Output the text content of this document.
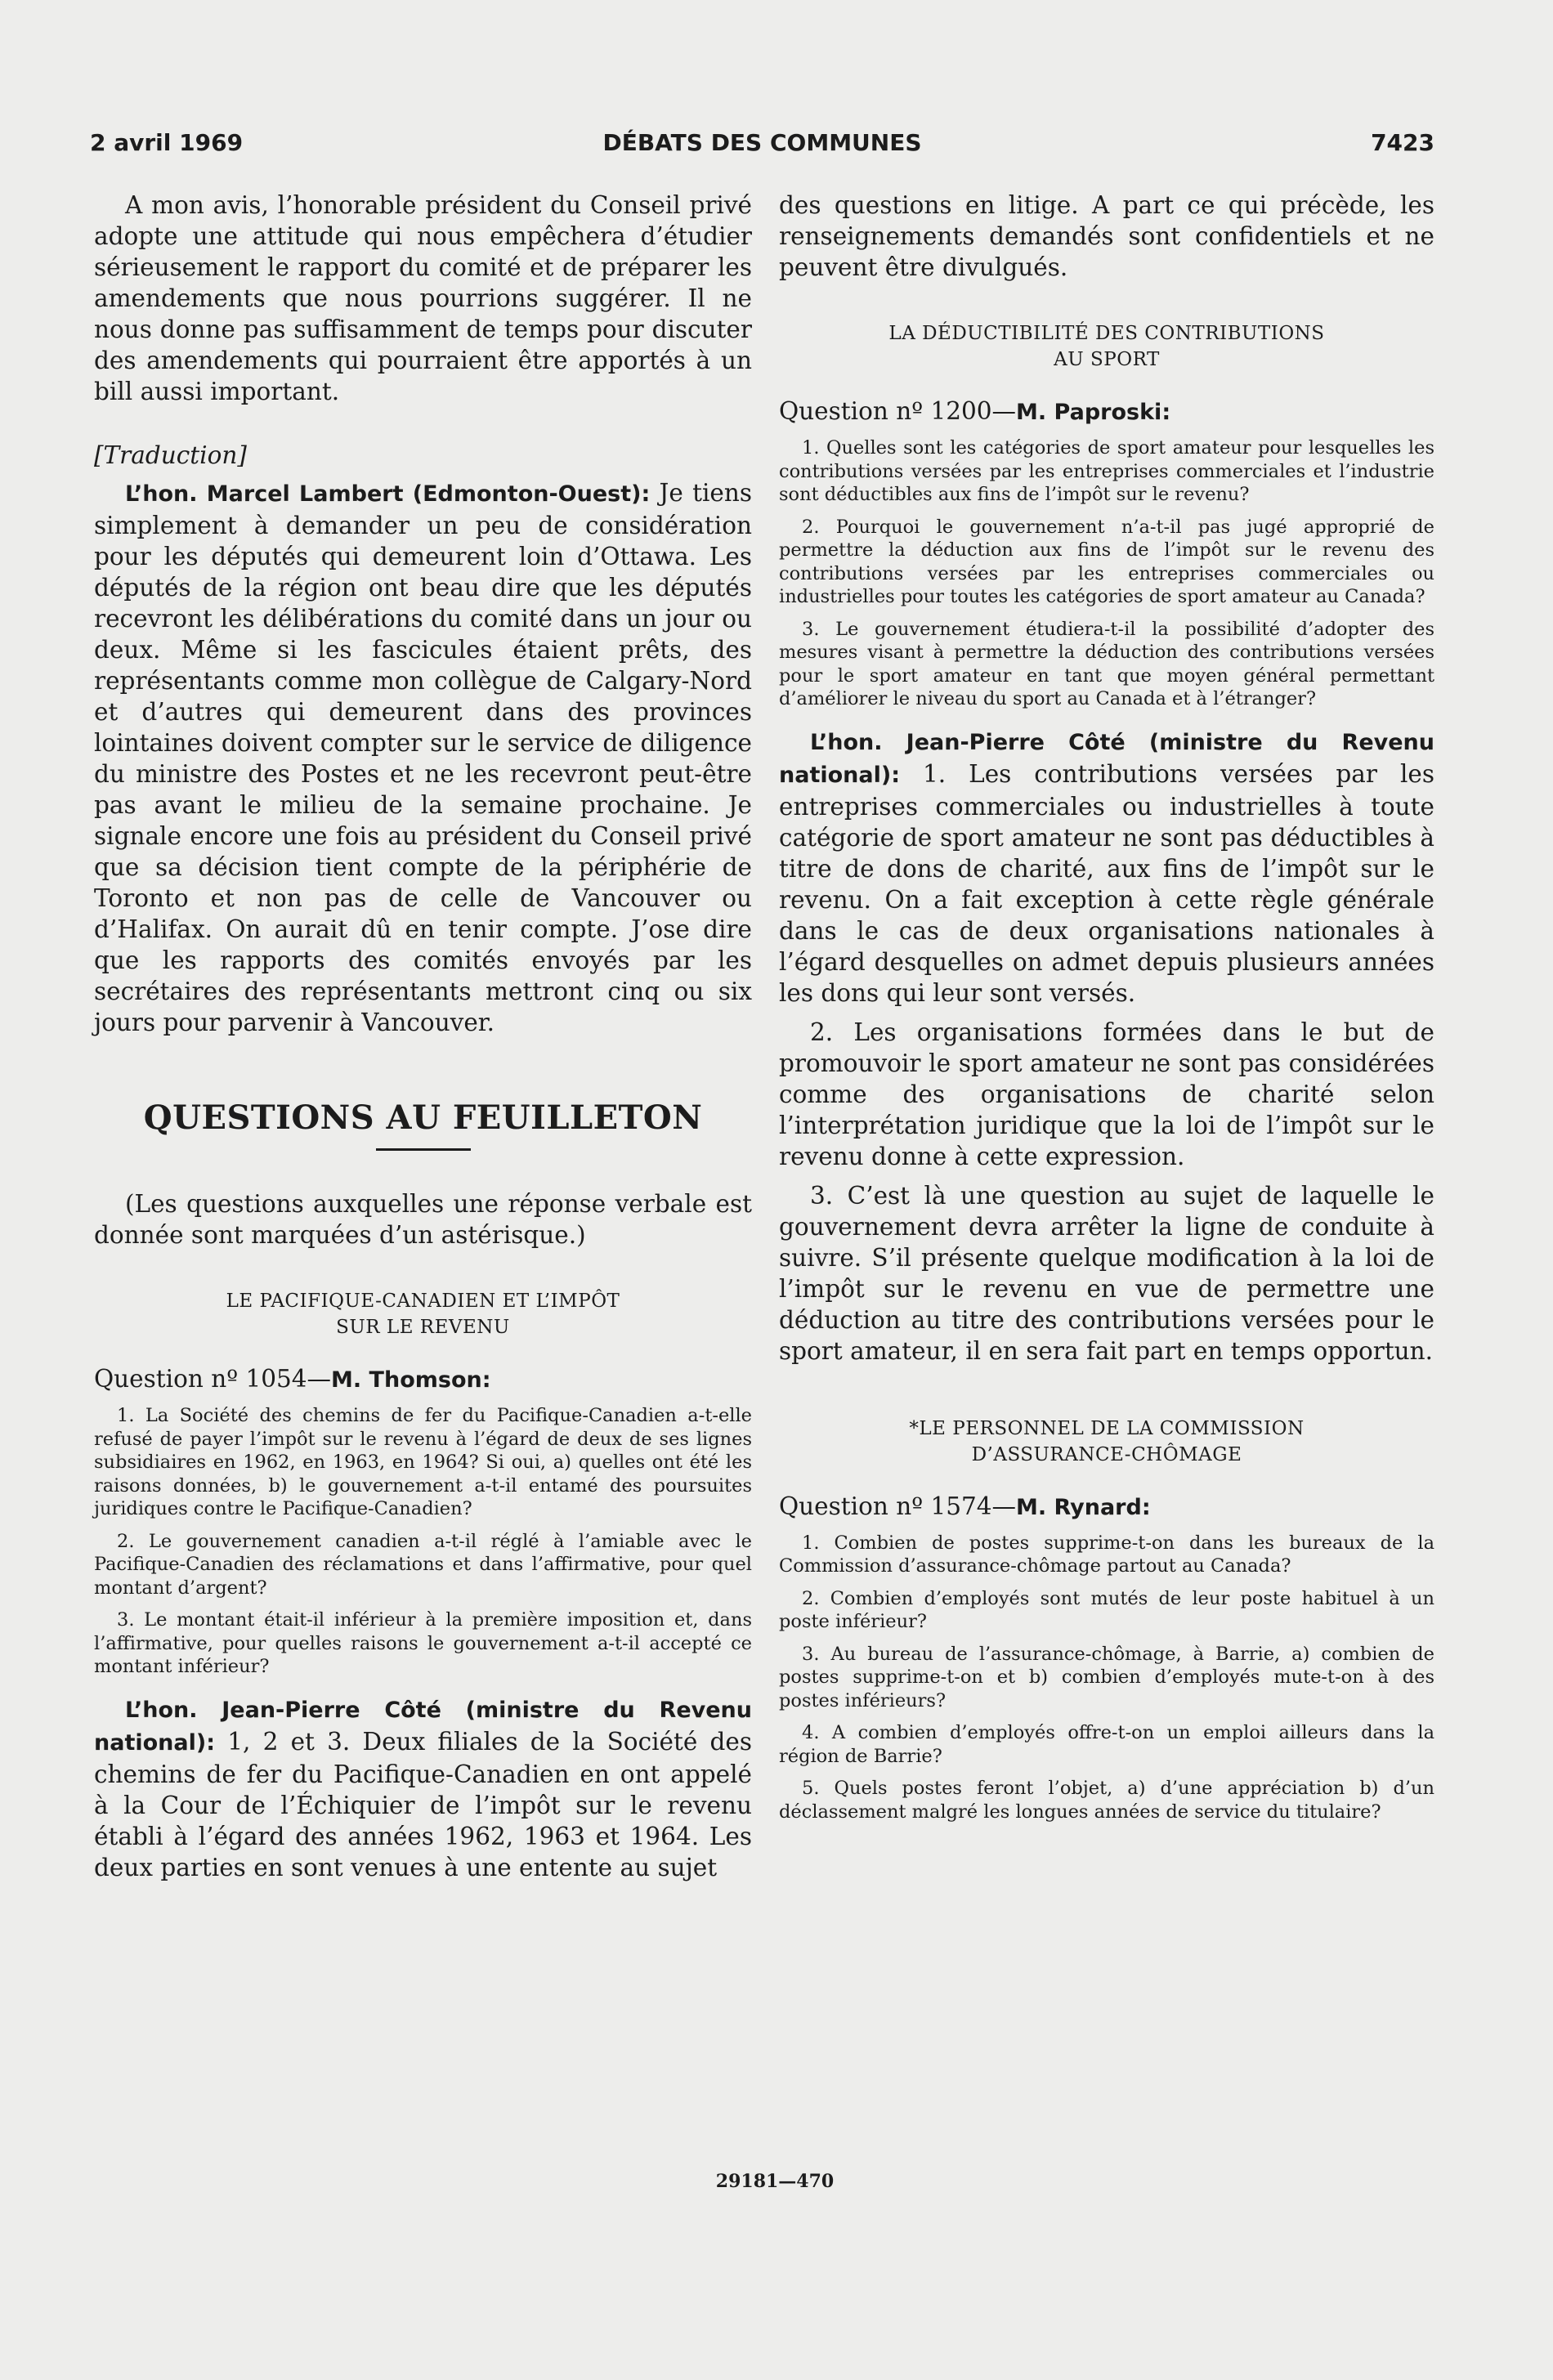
2 avril 1969	DÉBATS DES COMMUNES	7423

A mon avis, l’honorable président du Conseil privé adopte une attitude qui nous empêchera d’étudier sérieusement le rapport du comité et de préparer les amendements que nous pourrions suggérer. Il ne nous donne pas suffisamment de temps pour discuter des amendements qui pourraient être apportés à un bill aussi important.

[Traduction]

L’hon. Marcel Lambert (Edmonton-Ouest): Je tiens simplement à demander un peu de considération pour les députés qui demeurent loin d’Ottawa. Les députés de la région ont beau dire que les députés recevront les délibérations du comité dans un jour ou deux. Même si les fascicules étaient prêts, des représentants comme mon collègue de Calgary-Nord et d’autres qui demeurent dans des provinces lointaines doivent compter sur le service de diligence du ministre des Postes et ne les recevront peut-être pas avant le milieu de la semaine prochaine. Je signale encore une fois au président du Conseil privé que sa décision tient compte de la périphérie de Toronto et non pas de celle de Vancouver ou d’Halifax. On aurait dû en tenir compte. J’ose dire que les rapports des comités envoyés par les secrétaires des représentants mettront cinq ou six jours pour parvenir à Vancouver.

QUESTIONS AU FEUILLETON

(Les questions auxquelles une réponse verbale est donnée sont marquées d’un astérisque.)

LE PACIFIQUE-CANADIEN ET L’IMPÔT
SUR LE REVENU

Question nº 1054—M. Thomson:

1. La Société des chemins de fer du Pacifique-Canadien a-t-elle refusé de payer l’impôt sur le revenu à l’égard de deux de ses lignes subsidiaires en 1962, en 1963, en 1964? Si oui, a) quelles ont été les raisons données, b) le gouvernement a-t-il entamé des poursuites juridiques contre le Pacifique-Canadien?

2. Le gouvernement canadien a-t-il réglé à l’amiable avec le Pacifique-Canadien des réclamations et dans l’affirmative, pour quel montant d’argent?

3. Le montant était-il inférieur à la première imposition et, dans l’affirmative, pour quelles raisons le gouvernement a-t-il accepté ce montant inférieur?

L’hon. Jean-Pierre Côté (ministre du Revenu national): 1, 2 et 3. Deux filiales de la Société des chemins de fer du Pacifique-Canadien en ont appelé à la Cour de l’Échiquier de l’impôt sur le revenu établi à l’égard des années 1962, 1963 et 1964. Les deux parties en sont venues à une entente au sujet

des questions en litige. A part ce qui précède, les renseignements demandés sont confidentiels et ne peuvent être divulgués.

LA DÉDUCTIBILITÉ DES CONTRIBUTIONS
AU SPORT

Question nº 1200—M. Paproski:

1. Quelles sont les catégories de sport amateur pour lesquelles les contributions versées par les entreprises commerciales et l’industrie sont déductibles aux fins de l’impôt sur le revenu?

2. Pourquoi le gouvernement n’a-t-il pas jugé approprié de permettre la déduction aux fins de l’impôt sur le revenu des contributions versées par les entreprises commerciales ou industrielles pour toutes les catégories de sport amateur au Canada?

3. Le gouvernement étudiera-t-il la possibilité d’adopter des mesures visant à permettre la déduction des contributions versées pour le sport amateur en tant que moyen général permettant d’améliorer le niveau du sport au Canada et à l’étranger?

L’hon. Jean-Pierre Côté (ministre du Revenu national): 1. Les contributions versées par les entreprises commerciales ou industrielles à toute catégorie de sport amateur ne sont pas déductibles à titre de dons de charité, aux fins de l’impôt sur le revenu. On a fait exception à cette règle générale dans le cas de deux organisations nationales à l’égard desquelles on admet depuis plusieurs années les dons qui leur sont versés.

2. Les organisations formées dans le but de promouvoir le sport amateur ne sont pas considérées comme des organisations de charité selon l’interprétation juridique que la loi de l’impôt sur le revenu donne à cette expression.

3. C’est là une question au sujet de laquelle le gouvernement devra arrêter la ligne de conduite à suivre. S’il présente quelque modification à la loi de l’impôt sur le revenu en vue de permettre une déduction au titre des contributions versées pour le sport amateur, il en sera fait part en temps opportun.

*LE PERSONNEL DE LA COMMISSION
D’ASSURANCE-CHÔMAGE

Question nº 1574—M. Rynard:

1. Combien de postes supprime-t-on dans les bureaux de la Commission d’assurance-chômage partout au Canada?

2. Combien d’employés sont mutés de leur poste habituel à un poste inférieur?

3. Au bureau de l’assurance-chômage, à Barrie, a) combien de postes supprime-t-on et b) combien d’employés mute-t-on à des postes inférieurs?

4. A combien d’employés offre-t-on un emploi ailleurs dans la région de Barrie?

5. Quels postes feront l’objet, a) d’une appréciation b) d’un déclassement malgré les longues années de service du titulaire?

29181—470
